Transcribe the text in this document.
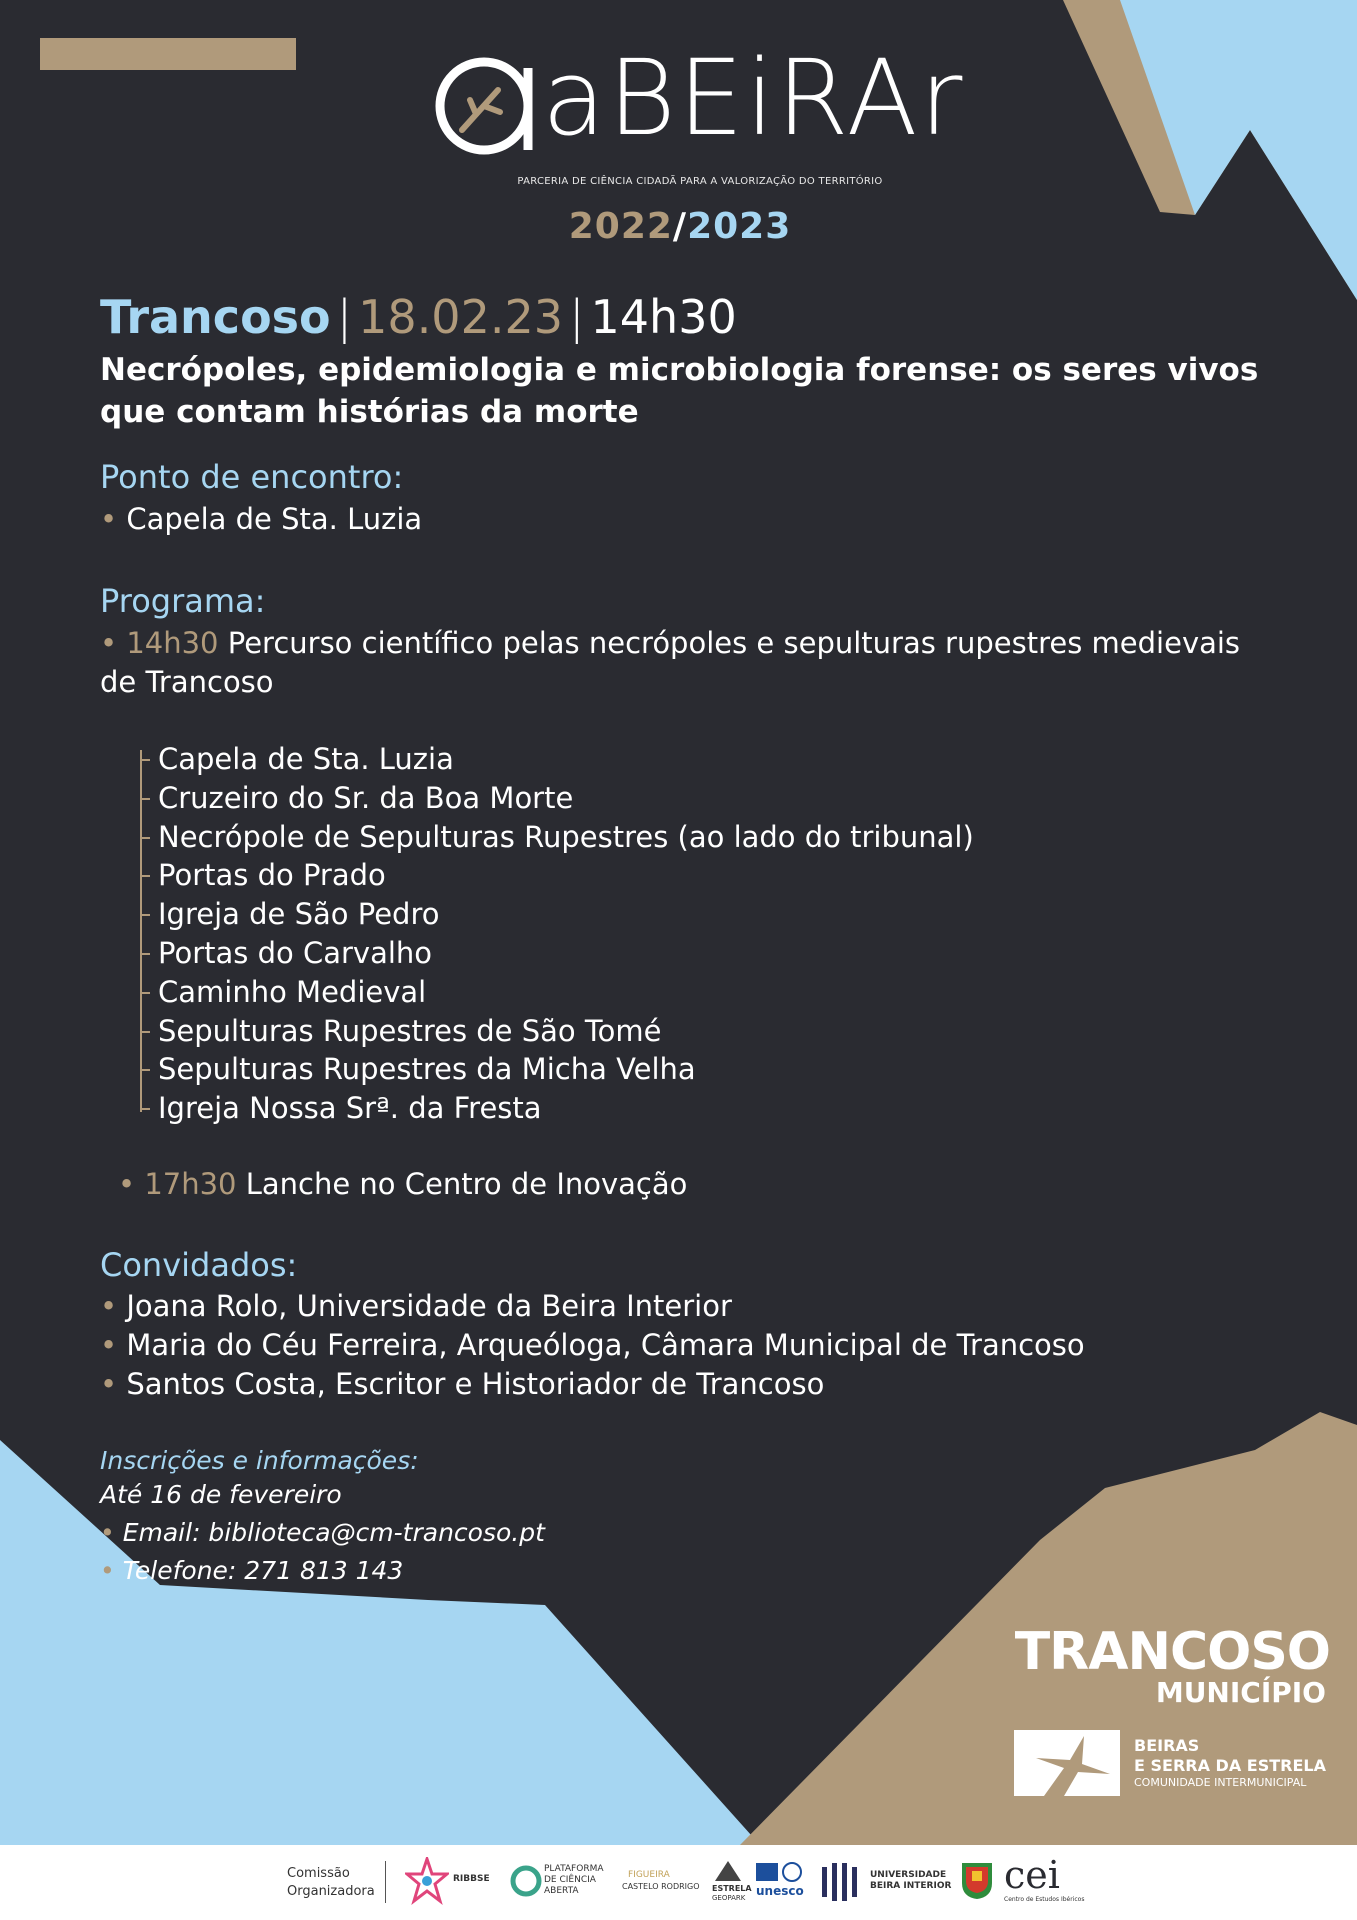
aBEiRAr
PARCERIA DE CIÊNCIA CIDADÃ PARA A VALORIZAÇÃO DO TERRITÓRIO
2022/2023
Trancoso | 18.02.23 | 14h30
Necrópoles, epidemiologia e microbiologia forense: os seres vivos que contam histórias da morte
Ponto de encontro:
• Capela de Sta. Luzia
Programa:
• 14h30 Percurso científico pelas necrópoles e sepulturas rupestres medievais
de Trancoso
Capela de Sta. Luzia
Cruzeiro do Sr. da Boa Morte
Necrópole de Sepulturas Rupestres (ao lado do tribunal)
Portas do Prado
Igreja de São Pedro
Portas do Carvalho
Caminho Medieval
Sepulturas Rupestres de São Tomé
Sepulturas Rupestres da Micha Velha
Igreja Nossa Srª. da Fresta
• 17h30 Lanche no Centro de Inovação
Convidados:
• Joana Rolo, Universidade da Beira Interior
• Maria do Céu Ferreira, Arqueóloga, Câmara Municipal de Trancoso
• Santos Costa, Escritor e Historiador de Trancoso
Inscrições e informações:
Até 16 de fevereiro
• Email: biblioteca@cm-trancoso.pt
• Telefone: 271 813 143
TRANCOSO
MUNICÍPIO
BEIRAS
E SERRA DA ESTRELA
COMUNIDADE INTERMUNICIPAL
Comissão
Organizadora
RIBBSE
PLATAFORMA
DE CIÊNCIA
ABERTA
FIGUEIRA
CASTELO RODRIGO ESTRELA
GEOPARK unesco
UNIVERSIDADE
BEIRA INTERIOR cei
Centro de Estudos Ibéricos
